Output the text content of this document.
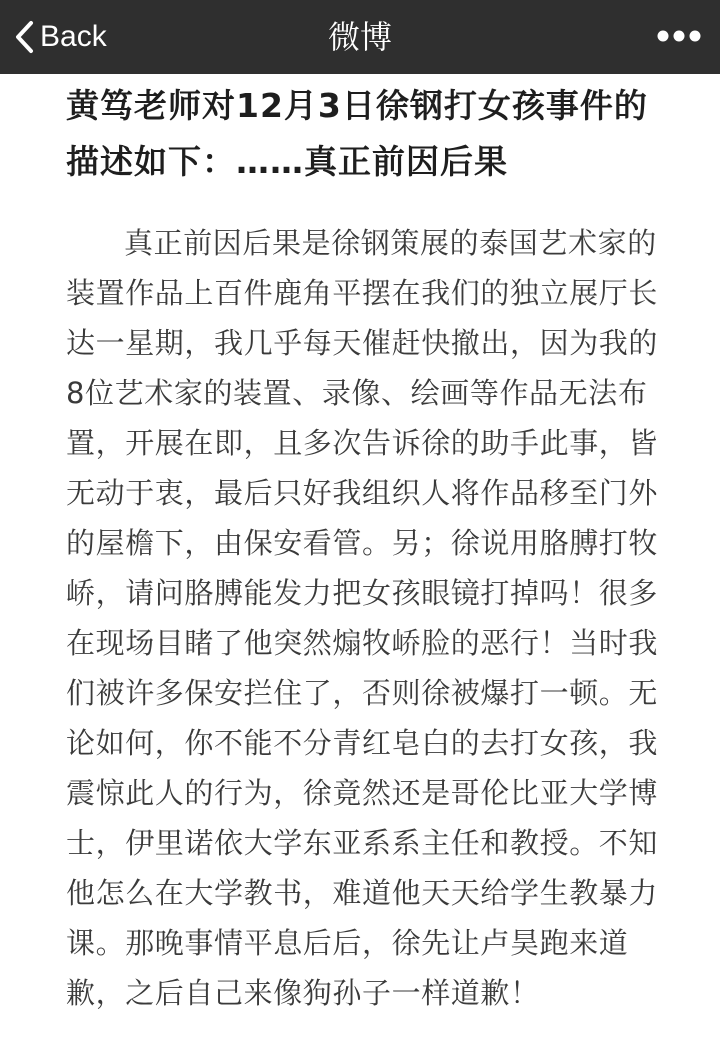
Back	微博
黄笃老师对12月3日徐钢打女孩事件的描述如下：……真正前因后果

真正前因后果是徐钢策展的泰国艺术家的装置作品上百件鹿角平摆在我们的独立展厅长达一星期，我几乎每天催赶快撤出，因为我的8位艺术家的装置、录像、绘画等作品无法布置，开展在即，且多次告诉徐的助手此事，皆无动于衷，最后只好我组织人将作品移至门外的屋檐下，由保安看管。另；徐说用胳膊打牧峤，请问胳膊能发力把女孩眼镜打掉吗！很多在现场目睹了他突然煽牧峤脸的恶行！当时我们被许多保安拦住了，否则徐被爆打一顿。无论如何，你不能不分青红皂白的去打女孩，我震惊此人的行为，徐竟然还是哥伦比亚大学博士，伊里诺依大学东亚系系主任和教授。不知他怎么在大学教书，难道他天天给学生教暴力课。那晚事情平息后后，徐先让卢昊跑来道歉，之后自己来像狗孙子一样道歉！
